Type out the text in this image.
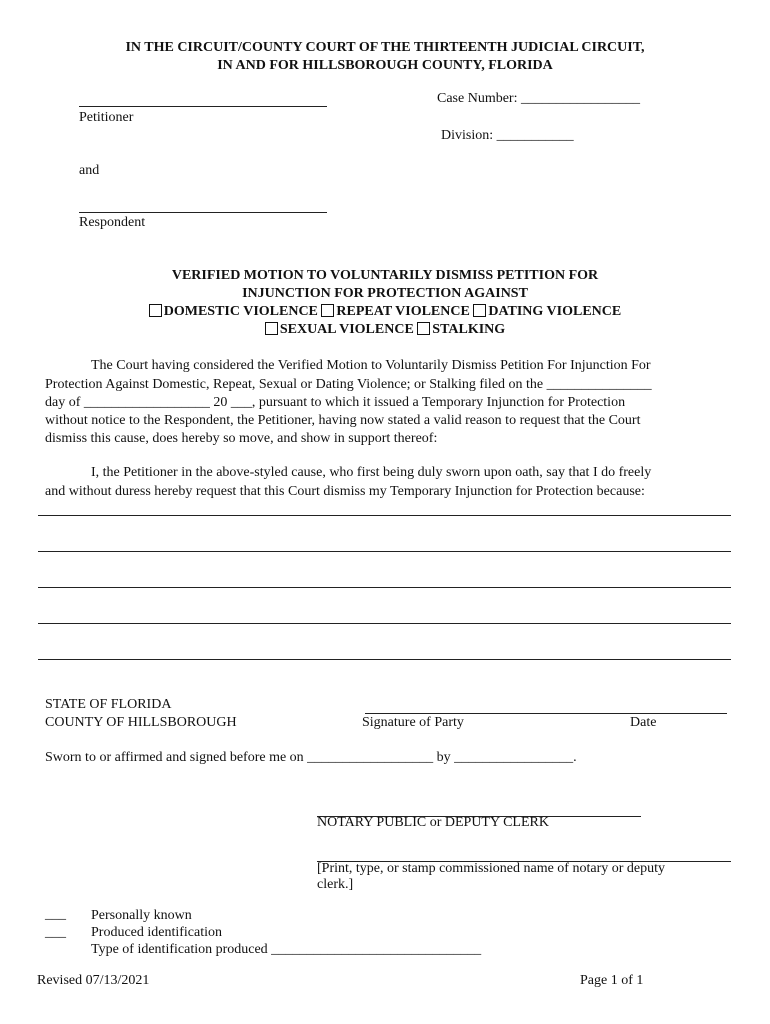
IN THE CIRCUIT/COUNTY COURT OF THE THIRTEENTH JUDICIAL CIRCUIT,
IN AND FOR HILLSBOROUGH COUNTY, FLORIDA
Petitioner
Case Number: _________________
Division: ___________
and
Respondent
VERIFIED MOTION TO VOLUNTARILY DISMISS PETITION FOR
INJUNCTION FOR PROTECTION AGAINST
DOMESTIC VIOLENCE REPEAT VIOLENCE DATING VIOLENCE
SEXUAL VIOLENCE STALKING
The Court having considered the Verified Motion to Voluntarily Dismiss Petition For Injunction For
Protection Against Domestic, Repeat, Sexual or Dating Violence; or Stalking filed on the _______________
day of __________________ 20 ___, pursuant to which it issued a Temporary Injunction for Protection
without notice to the Respondent, the Petitioner, having now stated a valid reason to request that the Court
dismiss this cause, does hereby so move, and show in support thereof:
I, the Petitioner in the above-styled cause, who first being duly sworn upon oath, say that I do freely
and without duress hereby request that this Court dismiss my Temporary Injunction for Protection because:
STATE OF FLORIDA
COUNTY OF HILLSBOROUGH	Signature of Party	Date
Sworn to or affirmed and signed before me on __________________ by _________________.
NOTARY PUBLIC or DEPUTY CLERK
[Print, type, or stamp commissioned name of notary or deputy
clerk.]
___ Personally known
___ Produced identification
Type of identification produced ______________________________
Revised 07/13/2021	Page 1 of 1
